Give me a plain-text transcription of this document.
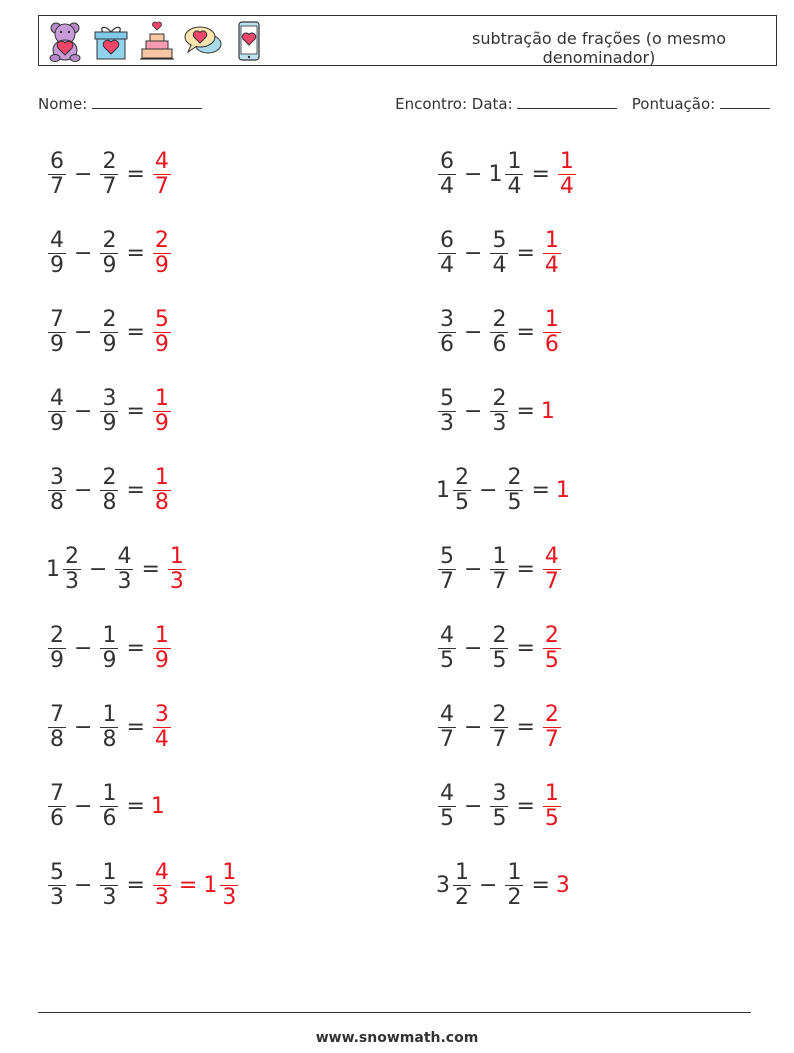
subtração de frações (o mesmo denominador)
Nome:	Encontro: Data:	Pontuação:
$\frac{6}{7} - \frac{2}{7} = \frac{4}{7}$	$\frac{6}{4} - 1 \frac{1}{4} = \frac{1}{4}$
$\frac{4}{9} - \frac{2}{9} = \frac{2}{9}$	$\frac{6}{4} - \frac{5}{4} = \frac{1}{4}$
$\frac{7}{9} - \frac{2}{9} = \frac{5}{9}$	$\frac{3}{6} - \frac{2}{6} = \frac{1}{6}$
$\frac{4}{9} - \frac{3}{9} = \frac{1}{9}$	$\frac{5}{3} - \frac{2}{3} = 1$
$\frac{3}{8} - \frac{2}{8} = \frac{1}{8}$	$1 \frac{2}{5} - \frac{2}{5} = 1$
$1 \frac{2}{3} - \frac{4}{3} = \frac{1}{3}$	$\frac{5}{7} - \frac{1}{7} = \frac{4}{7}$
$\frac{2}{9} - \frac{1}{9} = \frac{1}{9}$	$\frac{4}{5} - \frac{2}{5} = \frac{2}{5}$
$\frac{7}{8} - \frac{1}{8} = \frac{3}{4}$	$\frac{4}{7} - \frac{2}{7} = \frac{2}{7}$
$\frac{7}{6} - \frac{1}{6} = 1$	$\frac{4}{5} - \frac{3}{5} = \frac{1}{5}$
$\frac{5}{3} - \frac{1}{3} = \frac{4}{3} = 1 \frac{1}{3}$	$3 \frac{1}{2} - \frac{1}{2} = 3$
www.snowmath.com
